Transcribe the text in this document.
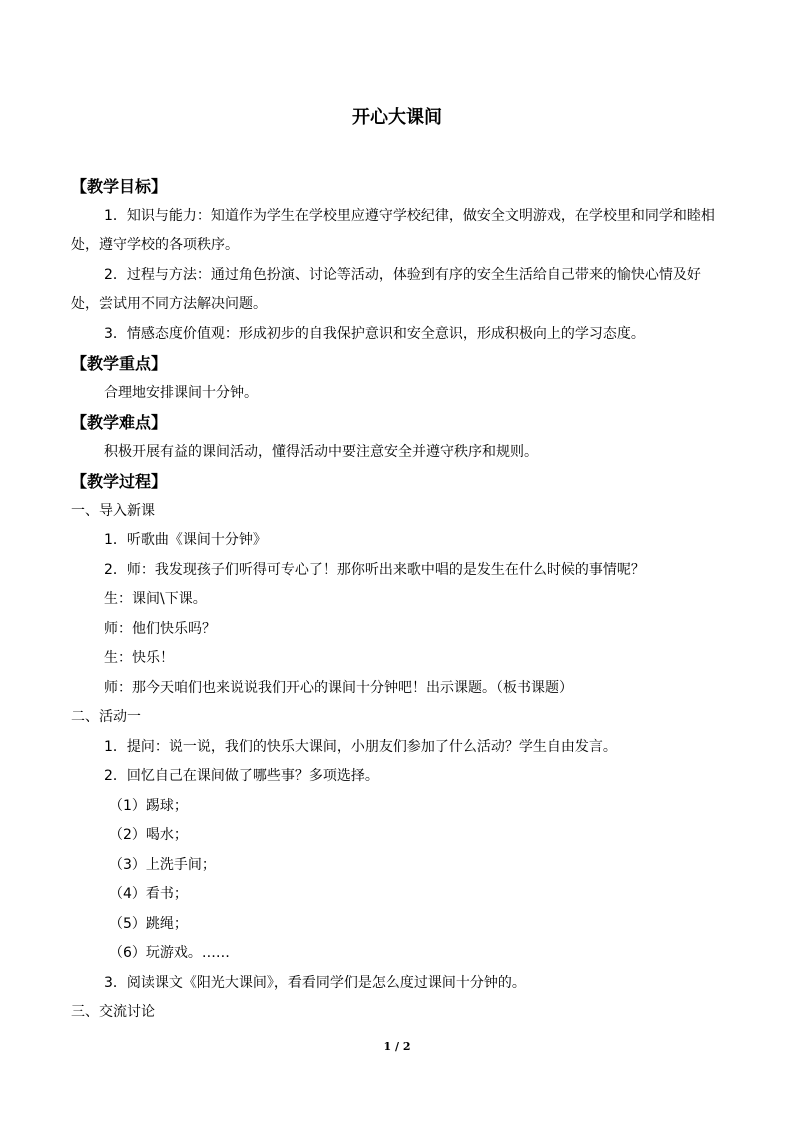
开心大课间
【教学目标】
1．知识与能力：知道作为学生在学校里应遵守学校纪律，做安全文明游戏，在学校里和同学和睦相处，遵守学校的各项秩序。
2．过程与方法：通过角色扮演、讨论等活动，体验到有序的安全生活给自己带来的愉快心情及好处，尝试用不同方法解决问题。
3．情感态度价值观：形成初步的自我保护意识和安全意识，形成积极向上的学习态度。
【教学重点】
合理地安排课间十分钟。
【教学难点】
积极开展有益的课间活动，懂得活动中要注意安全并遵守秩序和规则。
【教学过程】
一、导入新课
1．听歌曲《课间十分钟》
2．师：我发现孩子们听得可专心了！那你听出来歌中唱的是发生在什么时候的事情呢？
生：课间\下课。
师：他们快乐吗？
生：快乐！
师：那今天咱们也来说说我们开心的课间十分钟吧！出示课题。（板书课题）
二、活动一
1．提问：说一说，我们的快乐大课间，小朋友们参加了什么活动？学生自由发言。
2．回忆自己在课间做了哪些事？多项选择。
（1）踢球；
（2）喝水；
（3）上洗手间；
（4）看书；
（5）跳绳；
（6）玩游戏。……
3．阅读课文《阳光大课间》，看看同学们是怎么度过课间十分钟的。
三、交流讨论
1 / 2
